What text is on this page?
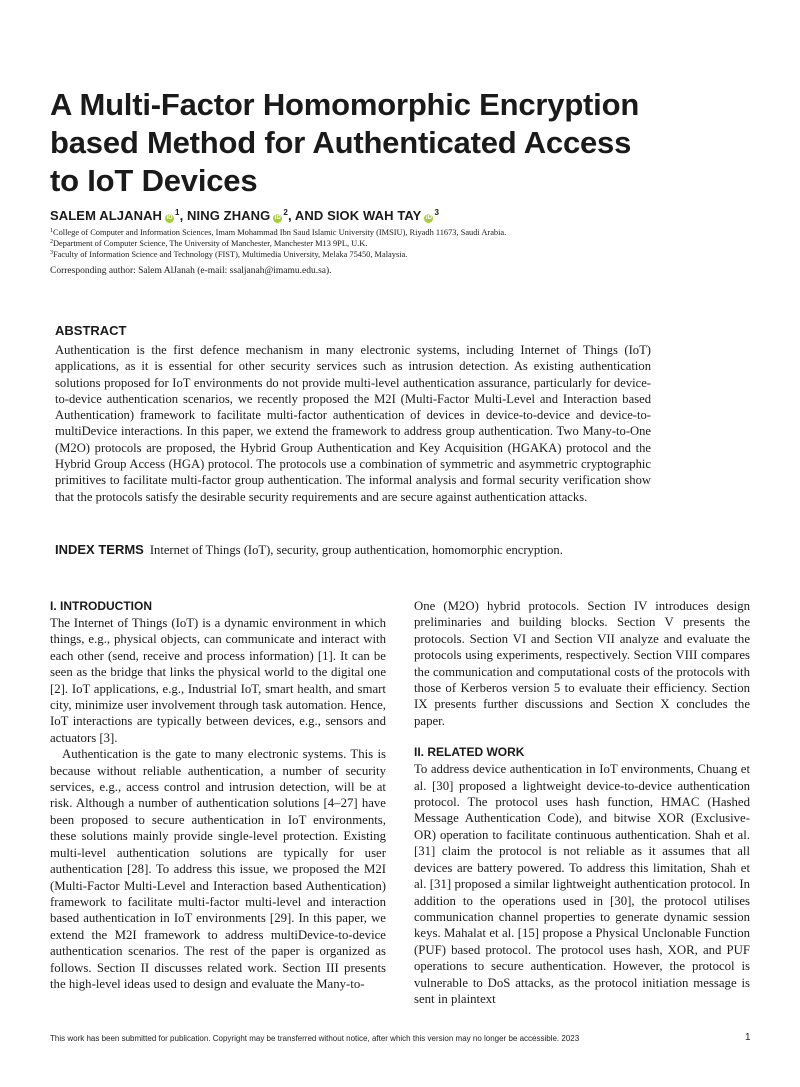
A Multi-Factor Homomorphic Encryption
based Method for Authenticated Access
to IoT Devices
SALEM ALJANAH $iD^1$, NING ZHANG $iD^2$, AND SIOK WAH TAY $iD^3$
$^1$College of Computer and Information Sciences, Imam Mohammad Ibn Saud Islamic University (IMSIU), Riyadh 11673, Saudi Arabia.
$^2$Department of Computer Science, The University of Manchester, Manchester M13 9PL, U.K.
$^3$Faculty of Information Science and Technology (FIST), Multimedia University, Melaka 75450, Malaysia.
Corresponding author: Salem AlJanah (e-mail: ssaljanah@imamu.edu.sa).
ABSTRACT
Authentication is the first defence mechanism in many electronic systems, including Internet of Things (IoT) applications, as it is essential for other security services such as intrusion detection. As existing authentication solutions proposed for IoT environments do not provide multi-level authentication assurance, particularly for device-to-device authentication scenarios, we recently proposed the M2I (Multi-Factor Multi-Level and Interaction based Authentication) framework to facilitate multi-factor authentication of devices in device-to-device and device-to-multiDevice interactions. In this paper, we extend the framework to address group authentication. Two Many-to-One (M2O) protocols are proposed, the Hybrid Group Authentication and Key Acquisition (HGAKA) protocol and the Hybrid Group Access (HGA) protocol. The protocols use a combination of symmetric and asymmetric cryptographic primitives to facilitate multi-factor group authentication. The informal analysis and formal security verification show that the protocols satisfy the desirable security requirements and are secure against authentication attacks.
INDEX TERMS Internet of Things (IoT), security, group authentication, homomorphic encryption.
I. INTRODUCTION

The Internet of Things (IoT) is a dynamic environment in which things, e.g., physical objects, can communicate and interact with each other (send, receive and process information) [1]. It can be seen as the bridge that links the physical world to the digital one [2]. IoT applications, e.g., Industrial IoT, smart health, and smart city, minimize user involvement through task automation. Hence, IoT interactions are typically between devices, e.g., sensors and actuators [3].

Authentication is the gate to many electronic systems. This is because without reliable authentication, a number of security services, e.g., access control and intrusion detection, will be at risk. Although a number of authentication solutions [4–27] have been proposed to secure authentication in IoT environments, these solutions mainly provide single-level protection. Existing multi-level authentication solutions are typically for user authentication [28]. To address this issue, we proposed the M2I (Multi-Factor Multi-Level and Interaction based Authentication) framework to facilitate multi-factor multi-level and interaction based authentication in IoT environments [29]. In this paper, we extend the M2I framework to address multiDevice-to-device authentication scenarios. The rest of the paper is organized as follows. Section II discusses related work. Section III presents the high-level ideas used to design and evaluate the Many-to-

One (M2O) hybrid protocols. Section IV introduces design preliminaries and building blocks. Section V presents the protocols. Section VI and Section VII analyze and evaluate the protocols using experiments, respectively. Section VIII compares the communication and computational costs of the protocols with those of Kerberos version 5 to evaluate their efficiency. Section IX presents further discussions and Section X concludes the paper.

II. RELATED WORK

To address device authentication in IoT environments, Chuang et al. [30] proposed a lightweight device-to-device authentication protocol. The protocol uses hash function, HMAC (Hashed Message Authentication Code), and bitwise XOR (Exclusive-OR) operation to facilitate continuous authentication. Shah et al. [31] claim the protocol is not reliable as it assumes that all devices are battery powered. To address this limitation, Shah et al. [31] proposed a similar lightweight authentication protocol. In addition to the operations used in [30], the protocol utilises communication channel properties to generate dynamic session keys. Mahalat et al. [15] propose a Physical Unclonable Function (PUF) based protocol. The protocol uses hash, XOR, and PUF operations to secure authentication. However, the protocol is vulnerable to DoS attacks, as the protocol initiation message is sent in plaintext

This work has been submitted for publication. Copyright may be transferred without notice, after which this version may no longer be accessible. 2023	1
